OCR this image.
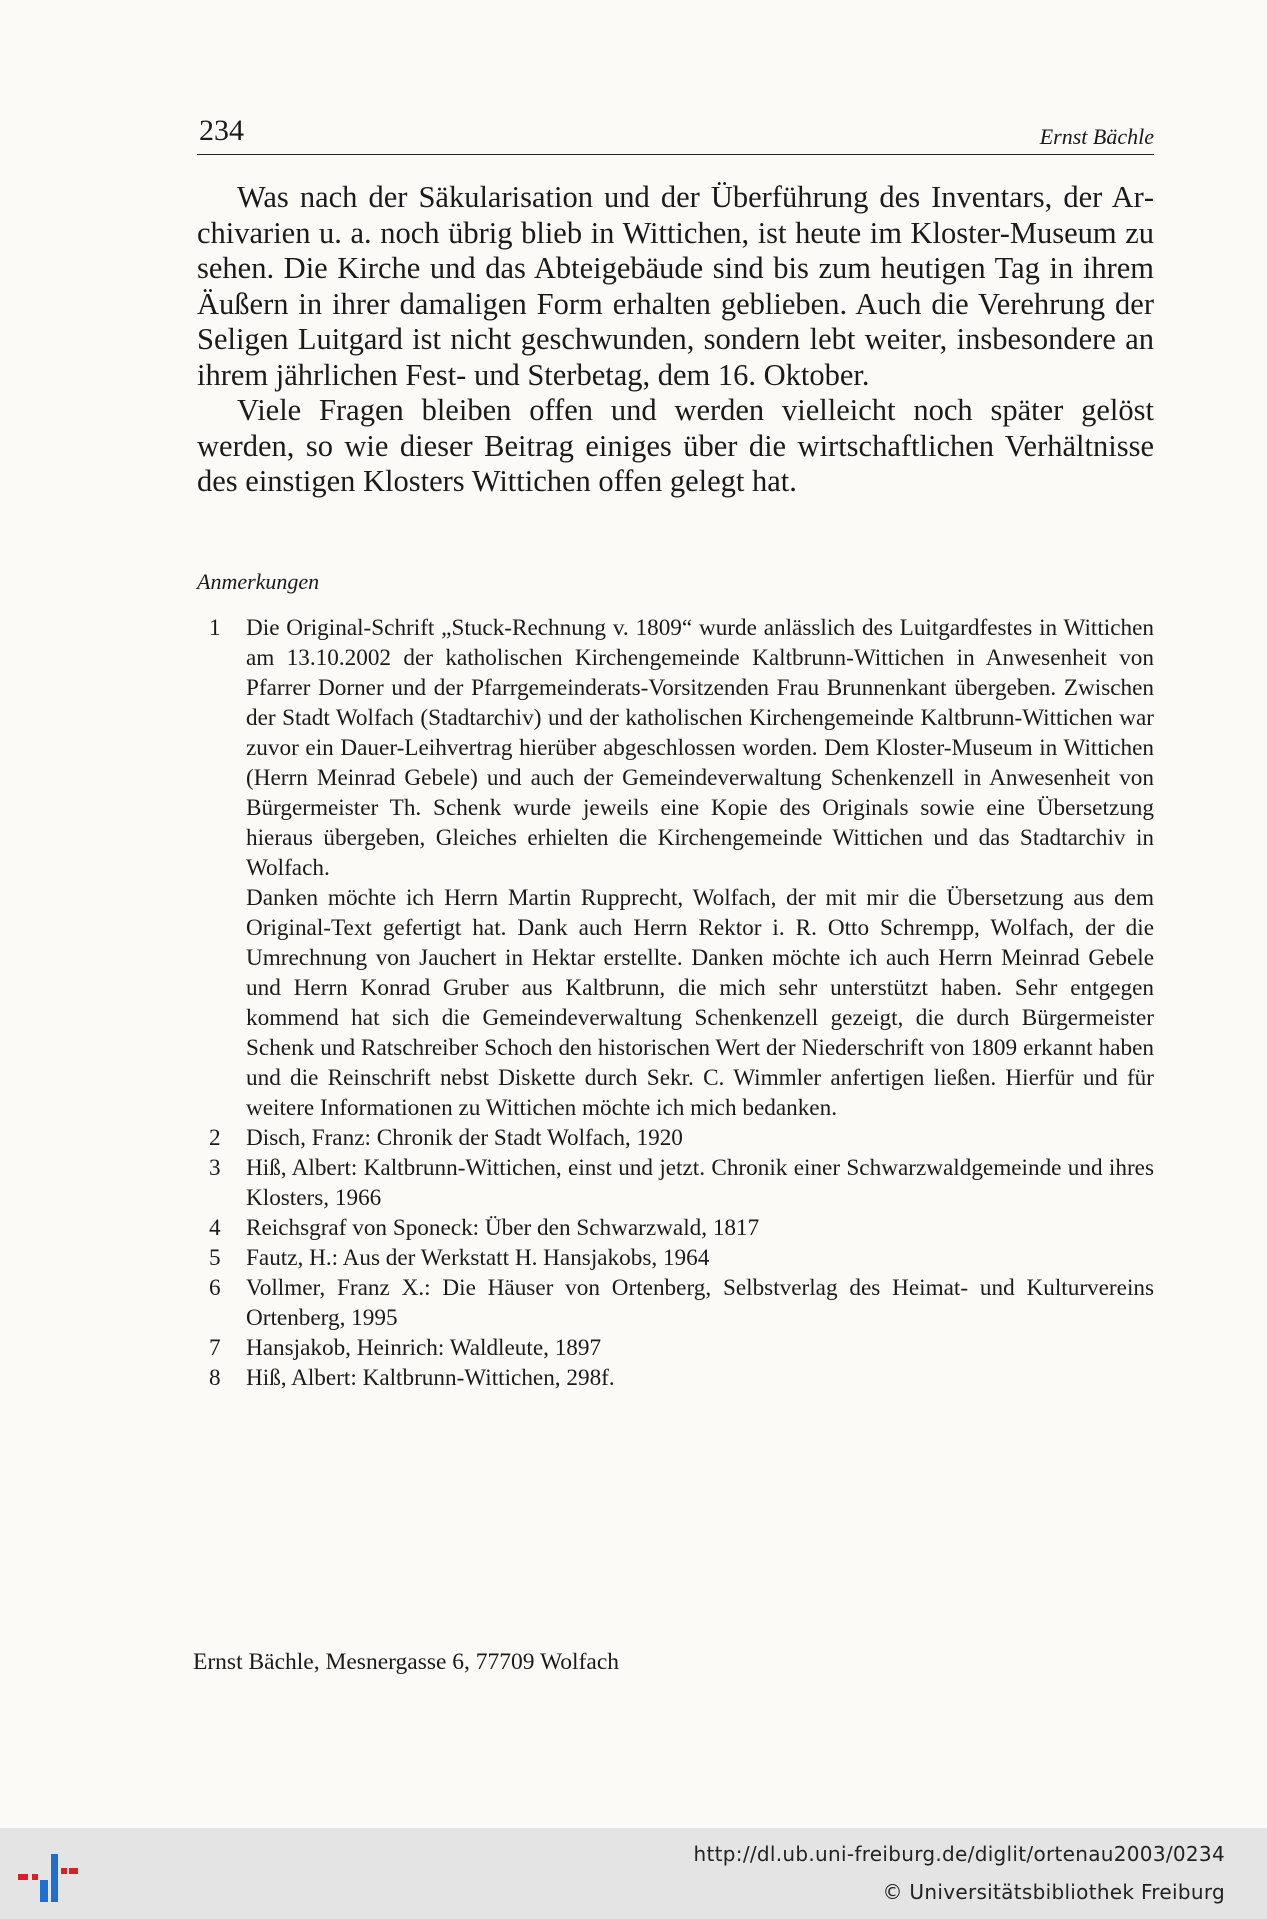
234	Ernst Bächle

Was nach der Säkularisation und der Überführung des Inventars, der Archivarien u. a. noch übrig blieb in Wittichen, ist heute im Kloster-Museum zu sehen. Die Kirche und das Abteigebäude sind bis zum heutigen Tag in ihrem Äußern in ihrer damaligen Form erhalten geblieben. Auch die Verehrung der Seligen Luitgard ist nicht geschwunden, sondern lebt weiter, insbesondere an ihrem jährlichen Fest- und Sterbetag, dem 16. Oktober.

Viele Fragen bleiben offen und werden vielleicht noch später gelöst werden, so wie dieser Beitrag einiges über die wirtschaftlichen Verhältnisse des einstigen Klosters Wittichen offen gelegt hat.

Anmerkungen
1	Die Original-Schrift „Stuck-Rechnung v. 1809“ wurde anlässlich des Luitgardfestes in Wittichen am 13.10.2002 der katholischen Kirchengemeinde Kaltbrunn-Wittichen in Anwesenheit von Pfarrer Dorner und der Pfarrgemeinderats-Vorsitzenden Frau Brunnenkant übergeben. Zwischen der Stadt Wolfach (Stadtarchiv) und der katholischen Kirchengemeinde Kaltbrunn-Wittichen war zuvor ein Dauer-Leihvertrag hierüber abgeschlossen worden. Dem Kloster-Museum in Wittichen (Herrn Meinrad Gebele) und auch der Gemeindeverwaltung Schenkenzell in Anwesenheit von Bürgermeister Th. Schenk wurde jeweils eine Kopie des Originals sowie eine Übersetzung hieraus übergeben, Gleiches erhielten die Kirchengemeinde Wittichen und das Stadtarchiv in Wolfach.
Danken möchte ich Herrn Martin Rupprecht, Wolfach, der mit mir die Übersetzung aus dem Original-Text gefertigt hat. Dank auch Herrn Rektor i. R. Otto Schrempp, Wolfach, der die Umrechnung von Jauchert in Hektar erstellte. Danken möchte ich auch Herrn Meinrad Gebele und Herrn Konrad Gruber aus Kaltbrunn, die mich sehr unterstützt haben. Sehr entgegen kommend hat sich die Gemeindeverwaltung Schenkenzell gezeigt, die durch Bürgermeister Schenk und Ratschreiber Schoch den historischen Wert der Niederschrift von 1809 erkannt haben und die Reinschrift nebst Diskette durch Sekr. C. Wimmler anfertigen ließen. Hierfür und für weitere Informationen zu Wittichen möchte ich mich bedanken.
2	Disch, Franz: Chronik der Stadt Wolfach, 1920
3	Hiß, Albert: Kaltbrunn-Wittichen, einst und jetzt. Chronik einer Schwarzwaldgemeinde und ihres Klosters, 1966
4	Reichsgraf von Sponeck: Über den Schwarzwald, 1817
5	Fautz, H.: Aus der Werkstatt H. Hansjakobs, 1964
6	Vollmer, Franz X.: Die Häuser von Ortenberg, Selbstverlag des Heimat- und Kulturvereins Ortenberg, 1995
7	Hansjakob, Heinrich: Waldleute, 1897
8	Hiß, Albert: Kaltbrunn-Wittichen, 298f.
Ernst Bächle, Mesnergasse 6, 77709 Wolfach
http://dl.ub.uni-freiburg.de/diglit/ortenau2003/0234
© Universitätsbibliothek Freiburg
